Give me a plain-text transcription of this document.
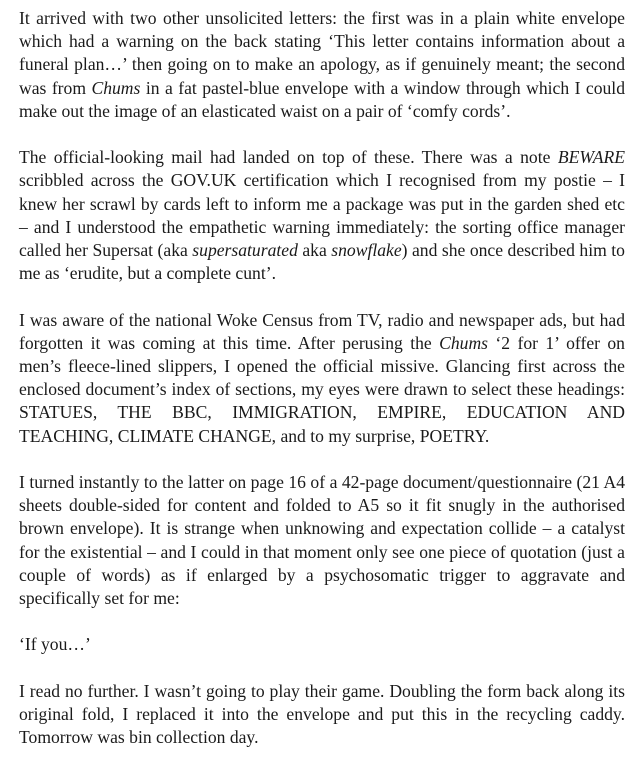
It arrived with two other unsolicited letters: the first was in a plain white envelope which had a warning on the back stating ‘This letter contains information about a funeral plan…’ then going on to make an apology, as if genuinely meant; the second was from Chums in a fat pastel-blue envelope with a window through which I could make out the image of an elasticated waist on a pair of ‘comfy cords’.

The official-looking mail had landed on top of these. There was a note BEWARE scribbled across the GOV.UK certification which I recognised from my postie – I knew her scrawl by cards left to inform me a package was put in the garden shed etc – and I understood the empathetic warning immediately: the sorting office manager called her Supersat (aka supersaturated aka snowflake) and she once described him to me as ‘erudite, but a complete cunt’.

I was aware of the national Woke Census from TV, radio and newspaper ads, but had forgotten it was coming at this time. After perusing the Chums ‘2 for 1’ offer on men’s fleece-lined slippers, I opened the official missive. Glancing first across the enclosed document’s index of sections, my eyes were drawn to select these headings: STATUES, THE BBC, IMMIGRATION, EMPIRE, EDUCATION AND TEACHING, CLIMATE CHANGE, and to my surprise, POETRY.

I turned instantly to the latter on page 16 of a 42-page document/questionnaire (21 A4 sheets double-sided for content and folded to A5 so it fit snugly in the authorised brown envelope). It is strange when unknowing and expectation collide – a catalyst for the existential – and I could in that moment only see one piece of quotation (just a couple of words) as if enlarged by a psychosomatic trigger to aggravate and specifically set for me:

‘If you…’

I read no further. I wasn’t going to play their game. Doubling the form back along its original fold, I replaced it into the envelope and put this in the recycling caddy. Tomorrow was bin collection day.
